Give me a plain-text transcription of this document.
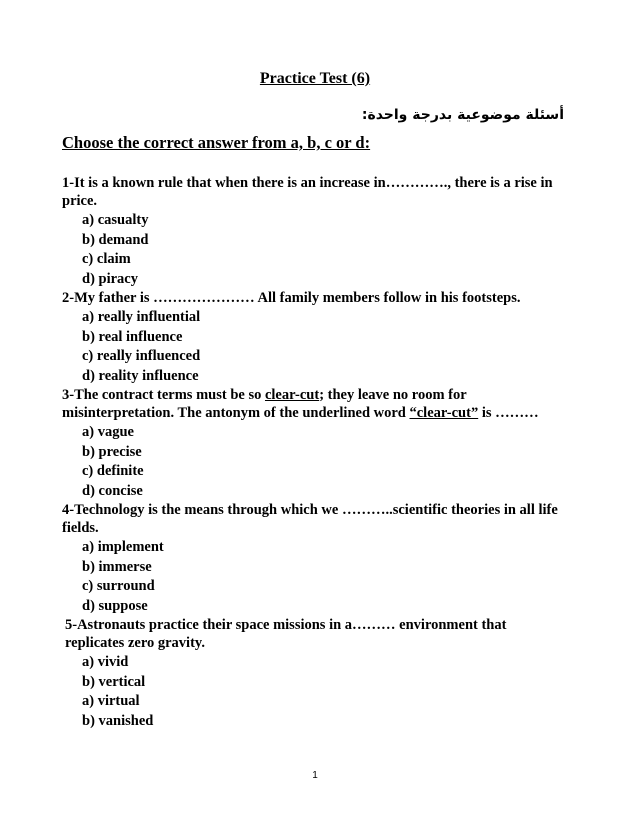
Practice Test (6)
أسئلة موضوعية بدرجة واحدة:
Choose the correct answer from a, b, c or d:

1-It is a known rule that when there is an increase in…………., there is a rise in price.

a) casualty
b) demand
c) claim
d) piracy

2-My father is ………………… All family members follow in his footsteps.

a) really influential
b) real influence
c) really influenced
d) reality influence

3-The contract terms must be so clear-cut; they leave no room for misinterpretation. The antonym of the underlined word “clear-cut” is ………

a) vague
b) precise
c) definite
d) concise

4-Technology is the means through which we ………..scientific theories in all life fields.

a) implement
b) immerse
c) surround
d) suppose

5-Astronauts practice their space missions in a……… environment that replicates zero gravity.

a) vivid
b) vertical
a) virtual
b) vanished
1
